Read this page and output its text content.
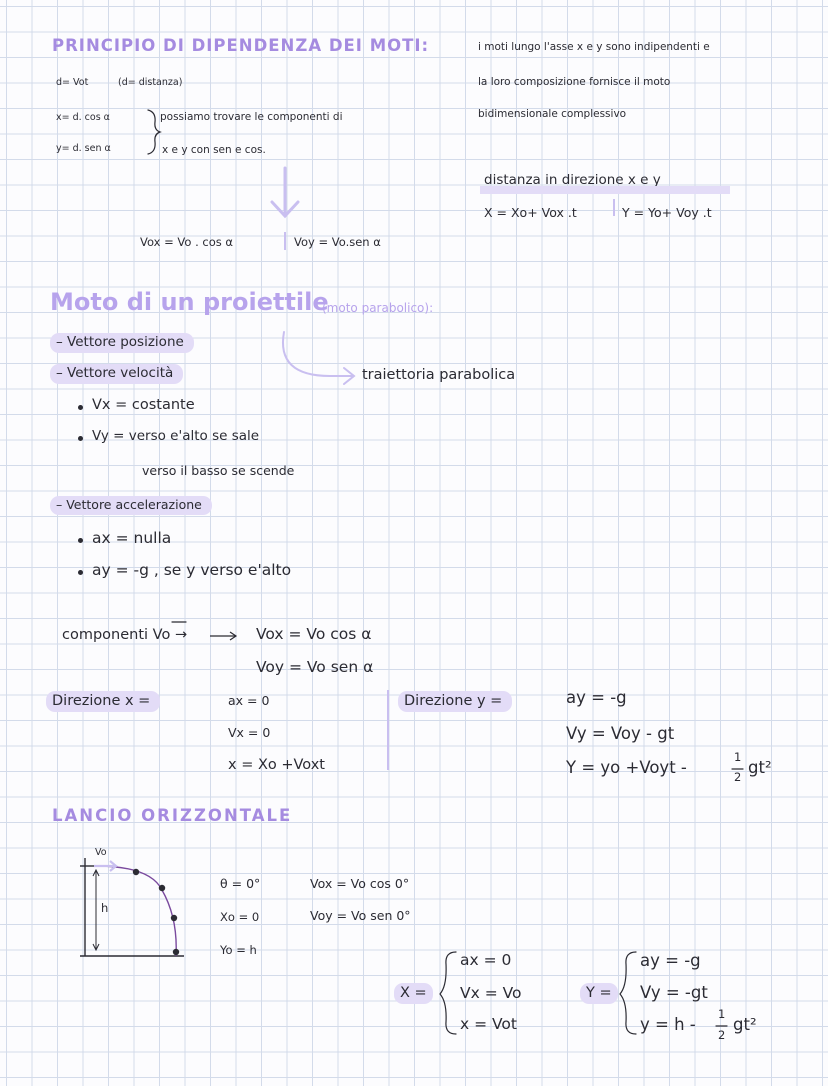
PRINCIPIO DI DIPENDENZA DEI MOTI:	i moti lungo l'asse x e y sono indipendenti e
la loro composizione fornisce il moto
bidimensionale complessivo
d= Vot	(d= distanza)
x= d. cos α
y= d. sen α
possiamo trovare le componenti di
x e y con sen e cos.
distanza in direzione x e y
X = Xo+ Vox .t	Y = Yo+ Voy .t
Vox = Vo . cos α	Voy = Vo.sen α
Moto di un proiettile
(moto parabolico):
– Vettore posizione
– Vettore velocità	traiettoria parabolica
Vx = costante
Vy = verso e'alto se sale
verso il basso se scende
– Vettore accelerazione
ax = nulla
ay = -g , se y verso e'alto
componenti Vo →	Vox = Vo cos α
Voy = Vo sen α
Direzione x =	ax = 0
Vx = 0
x = Xo +Voxt
Direzione y =	ay = -g
Vy = Voy - gt
Y = yo +Voyt -
1
2 gt²
LANCIO ORIZZONTALE
Vo
h
θ = 0°
Xo = 0
Yo = h
Vox = Vo cos 0°
Voy = Vo sen 0°
X =
ax = 0
Vx = Vo
x = Vot
Y =
ay = -g
Vy = -gt
y = h -
1
2
gt²
